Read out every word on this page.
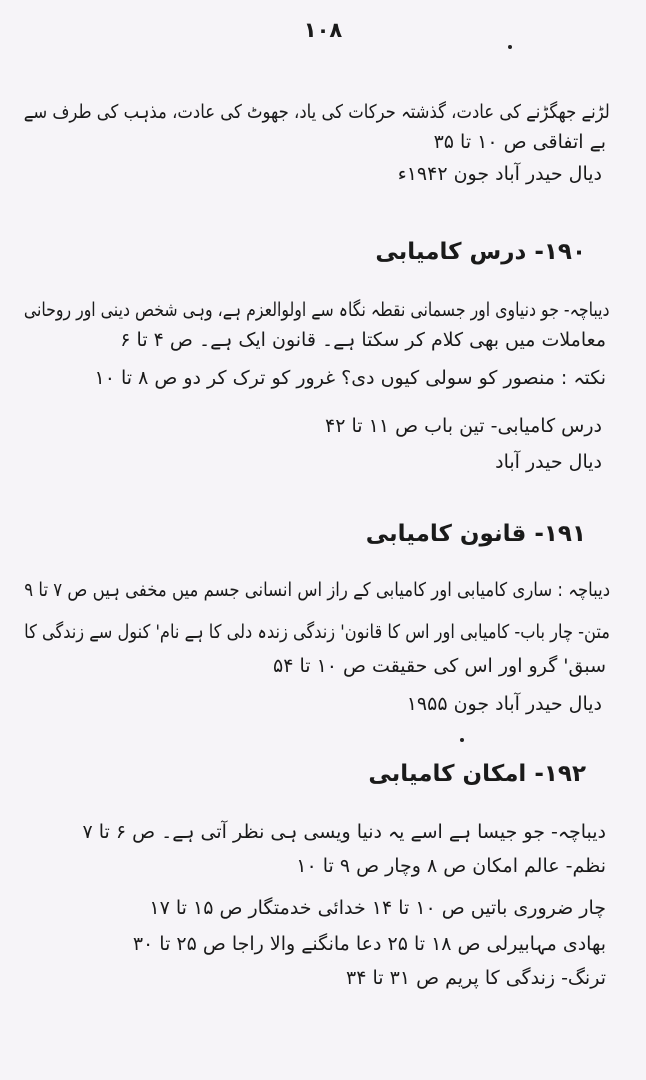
۱۰۸
لڑنے جھگڑنے کی عادت، گذشتہ حرکات کی یاد، جھوٹ کی عادت، مذہب کی طرف سے
بے اتفاقی ص ۱۰ تا ۳۵
دیال حیدر آباد جون ۱۹۴۲ء
۱۹۰- درس کامیابی
دیباچہ- جو دنیاوی اور جسمانی نقطہ نگاہ سے اولوالعزم ہے، وہی شخص دینی اور روحانی
معاملات میں بھی کلام کر سکتا ہے۔ قانون ایک ہے۔ ص ۴ تا ۶
نکتہ : منصور کو سولی کیوں دی؟ غرور کو ترک کر دو ص ۸ تا ۱۰
درس کامیابی- تین باب ص ۱۱ تا ۴۲
دیال حیدر آباد
۱۹۱- قانون کامیابی
دیباچہ : ساری کامیابی اور کامیابی کے راز اس انسانی جسم میں مخفی ہیں ص ۷ تا ۹
متن- چار باب- کامیابی اور اس کا قانون' زندگی زندہ دلی کا ہے نام' کنول سے زندگی کا
سبق' گرو اور اس کی حقیقت ص ۱۰ تا ۵۴
دیال حیدر آباد جون ۱۹۵۵
۱۹۲- امکان کامیابی
دیباچہ- جو جیسا ہے اسے یہ دنیا ویسی ہی نظر آتی ہے۔ ص ۶ تا ۷
نظم- عالم امکان ص ۸ وچار ص ۹ تا ۱۰
چار ضروری باتیں ص ۱۰ تا ۱۴ خدائی خدمتگار ص ۱۵ تا ۱۷
بھادی مہابیرلی ص ۱۸ تا ۲۵ دعا مانگنے والا راجا ص ۲۵ تا ۳۰
ترنگ- زندگی کا پریم ص ۳۱ تا ۳۴
